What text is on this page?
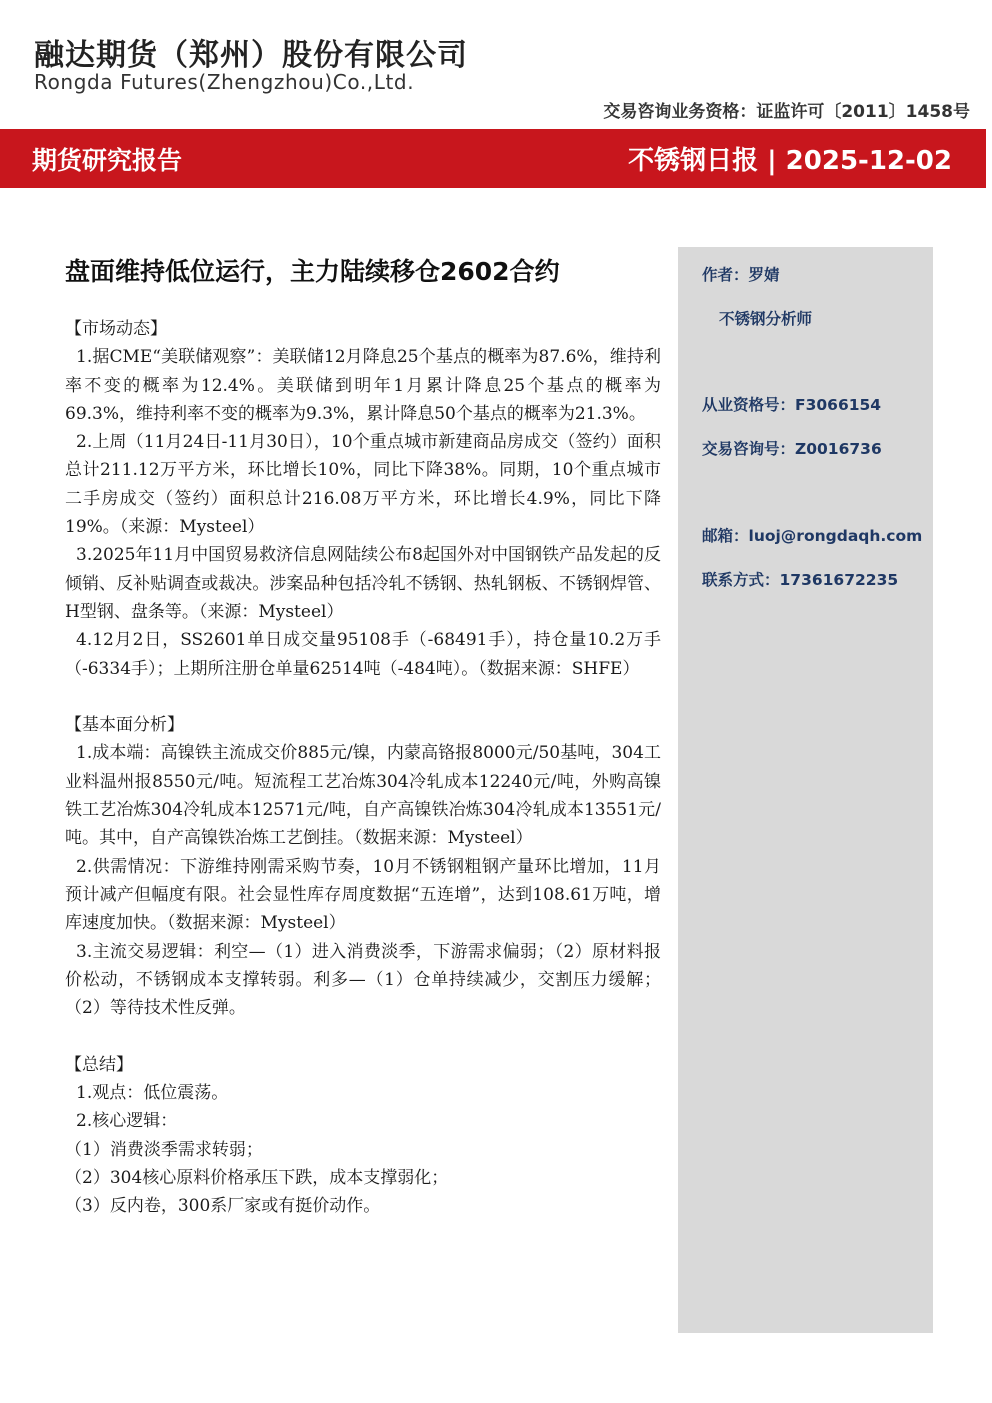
融达期货（郑州）股份有限公司
Rongda Futures(Zhengzhou)Co.,Ltd.
交易咨询业务资格：证监许可〔2011〕1458号
期货研究报告	不锈钢日报 | 2025-12-02
盘面维持低位运行，主力陆续移仓2602合约

【市场动态】

1.据CME“美联储观察”：美联储12月降息25个基点的概率为87.6%，维持利率不变的概率为12.4%。美联储到明年1月累计降息25个基点的概率为69.3%，维持利率不变的概率为9.3%，累计降息50个基点的概率为21.3%。

2.上周（11月24日-11月30日），10个重点城市新建商品房成交（签约）面积总计211.12万平方米，环比增长10%，同比下降38%。同期，10个重点城市二手房成交（签约）面积总计216.08万平方米，环比增长4.9%，同比下降19%。（来源：Mysteel）

3.2025年11月中国贸易救济信息网陆续公布8起国外对中国钢铁产品发起的反倾销、反补贴调查或裁决。涉案品种包括冷轧不锈钢、热轧钢板、不锈钢焊管、H型钢、盘条等。（来源：Mysteel）

4.12月2日，SS2601单日成交量95108手（-68491手），持仓量10.2万手（-6334手）；上期所注册仓单量62514吨（-484吨）。（数据来源：SHFE）

【基本面分析】

1.成本端：高镍铁主流成交价885元/镍，内蒙高铬报8000元/50基吨，304工业料温州报8550元/吨。短流程工艺冶炼304冷轧成本12240元/吨，外购高镍铁工艺冶炼304冷轧成本12571元/吨，自产高镍铁冶炼304冷轧成本13551元/吨。其中，自产高镍铁冶炼工艺倒挂。（数据来源：Mysteel）

2.供需情况：下游维持刚需采购节奏，10月不锈钢粗钢产量环比增加，11月预计减产但幅度有限。社会显性库存周度数据“五连增”，达到108.61万吨，增库速度加快。（数据来源：Mysteel）

3.主流交易逻辑：利空—（1）进入消费淡季，下游需求偏弱；（2）原材料报价松动，不锈钢成本支撑转弱。利多—（1）仓单持续减少，交割压力缓解；（2）等待技术性反弹。

【总结】

1.观点：低位震荡。

2.核心逻辑：

（1）消费淡季需求转弱；

（2）304核心原料价格承压下跌，成本支撑弱化；

（3）反内卷，300系厂家或有挺价动作。

作者：罗婧
不锈钢分析师
从业资格号：F3066154
交易咨询号：Z0016736
邮箱：luoj@rongdaqh.com
联系方式：17361672235
